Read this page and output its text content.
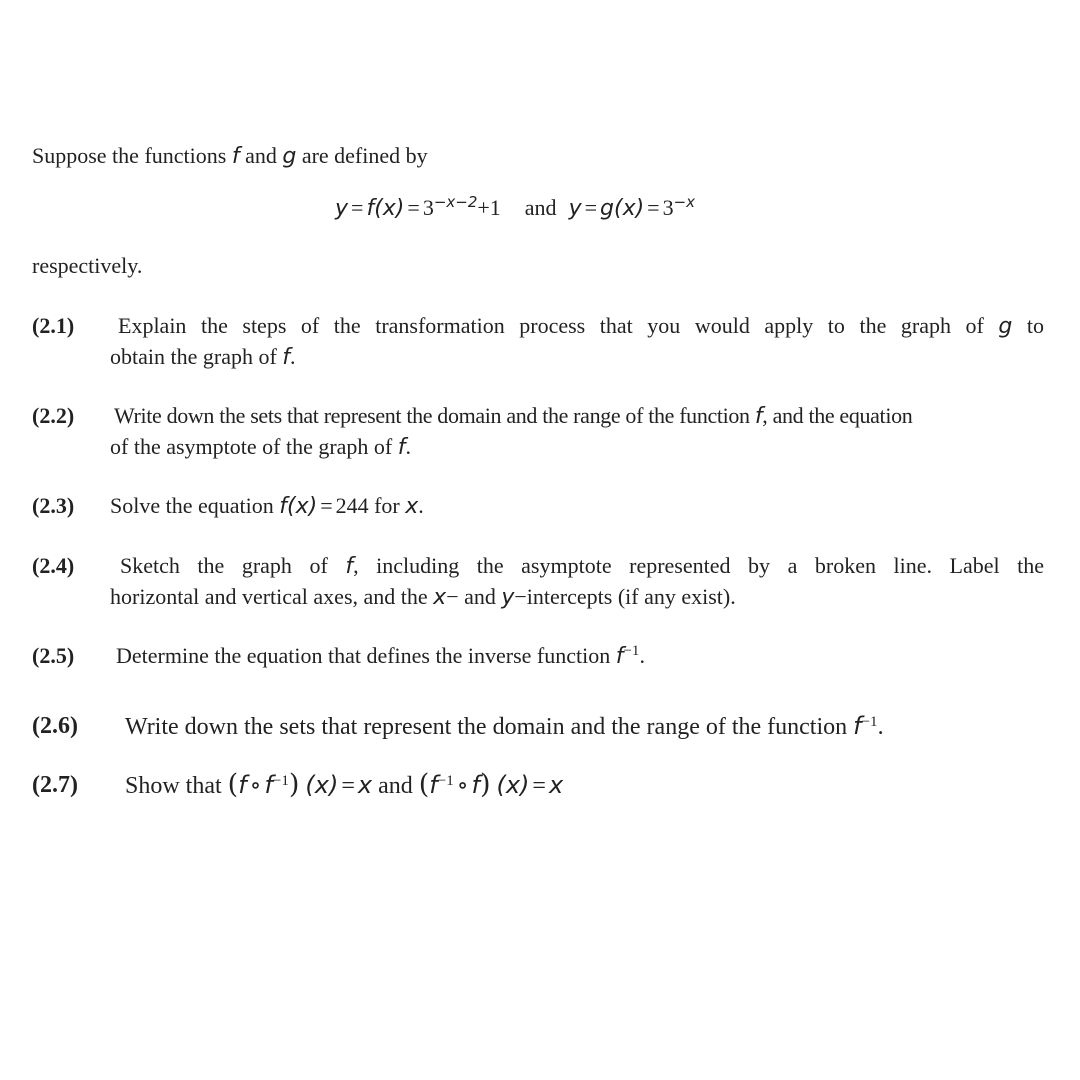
Suppose the functions f and g are defined by
$y = f(x) = 3^{-x-2}+1$ and $y = g(x) = 3^{-x}$
respectively.
(2.1) Explain the steps of the transformation process that you would apply to the graph of g to
obtain the graph of f.
(2.2) Write down the sets that represent the domain and the range of the function f, and the equation
of the asymptote of the graph of f.
(2.3) Solve the equation f(x) = 244 for x.
(2.4) Sketch the graph of f, including the asymptote represented by a broken line. Label the
horizontal and vertical axes, and the x− and y−intercepts (if any exist).
(2.5) Determine the equation that defines the inverse function $f^{-1}$.
(2.6) Write down the sets that represent the domain and the range of the function $f^{-1}$.
(2.7) Show that (f ∘ $f^{-1}$) (x) = x and ($f^{-1}$ ∘ f) (x) = x
